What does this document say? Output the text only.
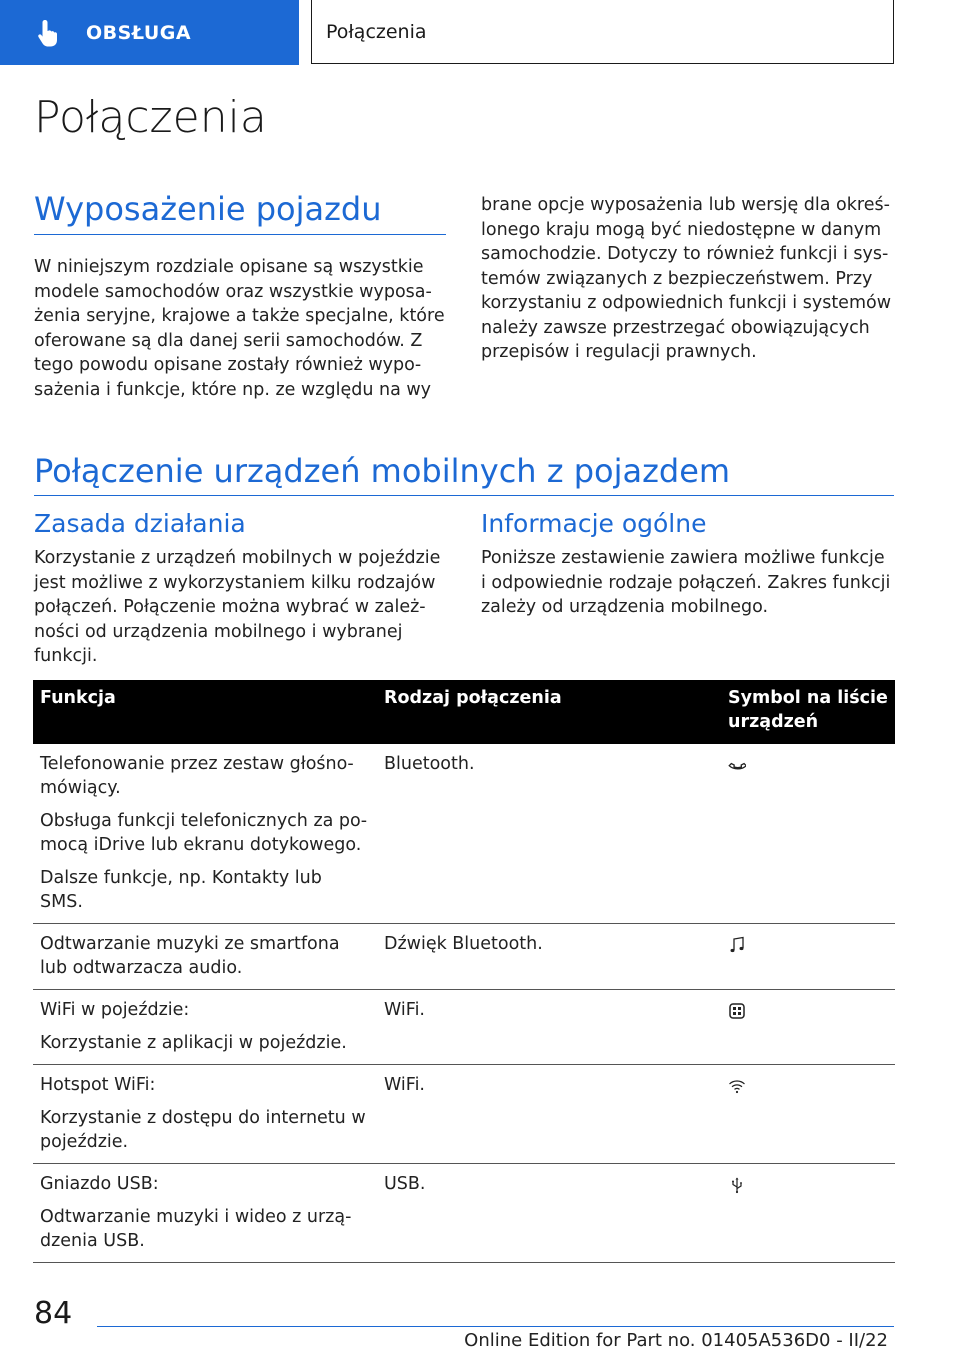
OBSŁUGA	Połączenia
Połączenia
Wyposażenie pojazdu
W niniejszym rozdziale opisane są wszystkie modele samochodów oraz wszystkie wyposażenia seryjne, krajowe a także specjalne, które oferowane są dla danej serii samochodów. Z tego powodu opisane zostały również wyposażenia i funkcje, które np. ze względu na wy
brane opcje wyposażenia lub wersję dla określonego kraju mogą być niedostępne w danym samochodzie. Dotyczy to również funkcji i systemów związanych z bezpieczeństwem. Przy korzystaniu z odpowiednich funkcji i systemów należy zawsze przestrzegać obowiązujących przepisów i regulacji prawnych.
Połączenie urządzeń mobilnych z pojazdem
Zasada działania
Korzystanie z urządzeń mobilnych w pojeździe jest możliwe z wykorzystaniem kilku rodzajów połączeń. Połączenie można wybrać w zależności od urządzenia mobilnego i wybranej funkcji.
Informacje ogólne
Poniższe zestawienie zawiera możliwe funkcje i odpowiednie rodzaje połączeń. Zakres funkcji zależy od urządzenia mobilnego.
Funkcja	Rodzaj połączenia	Symbol na liście urządzeń

Telefonowanie przez zestaw głośnomówiący.

Obsługa funkcji telefonicznych za pomocą iDrive lub ekranu dotykowego.

Dalsze funkcje, np. Kontakty lub SMS.	Bluetooth.	

Odtwarzanie muzyki ze smartfona lub odtwarzacza audio.	Dźwięk Bluetooth.	

WiFi w pojeździe:

Korzystanie z aplikacji w pojeździe.	WiFi.	

Hotspot WiFi:

Korzystanie z dostępu do internetu w pojeździe.	WiFi.	

Gniazdo USB:

Odtwarzanie muzyki i wideo z urządzenia USB.	USB.	
84
Online Edition for Part no. 01405A536D0 - II/22
